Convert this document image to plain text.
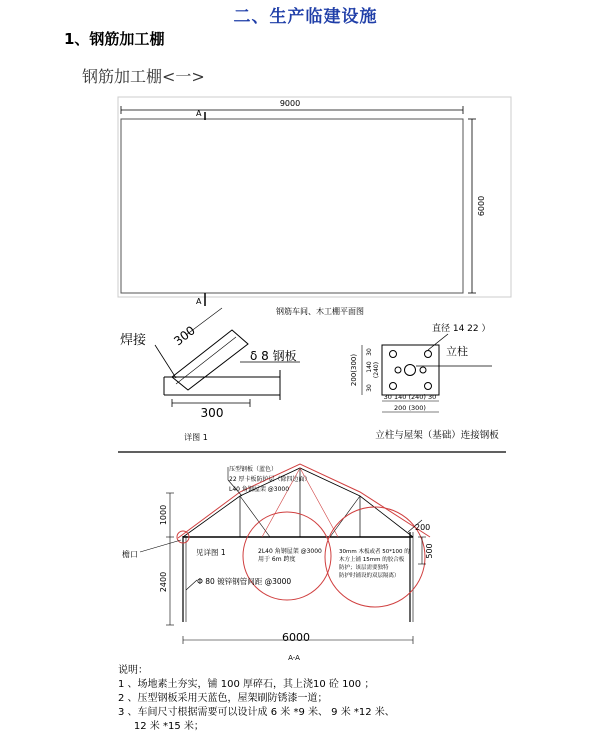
二、生产临建设施
1、钢筋加工棚
钢筋加工棚<一>
9000
6000
A
A
钢筋车间、木工棚平面图
焊接 300
δ 8 钢板
300
详图 1
直径 14 22 ）
立柱
200(300)
30
140 (240)
30
30 140 (240) 30
200 (300)
立柱与屋架（基础）连接钢板
压型钢板（蓝色）
22 厚卡板防护层（除四边面）
L40 角钢屋架 @3000
1000
2400
200
500
6000
檐口	见详图 1	2L40 角钢屋架 @3000
用于 6m 跨度
30mm 木板或者 50*100 的
木方上铺 15mm 的胶合板
防护；该层需要独特
防护时铺设的双层隔离）
Φ 80 镀锌钢管间距 @3000
A-A
说明：
1 、场地素土夯实，铺 100 厚碎石，其上浇10 砼 100 ；
2 、压型钢板采用天蓝色，屋架刷防锈漆一道；
3 、车间尺寸根据需要可以设计成 6 米 *9 米、 9 米 *12 米、
12 米 *15 米；
